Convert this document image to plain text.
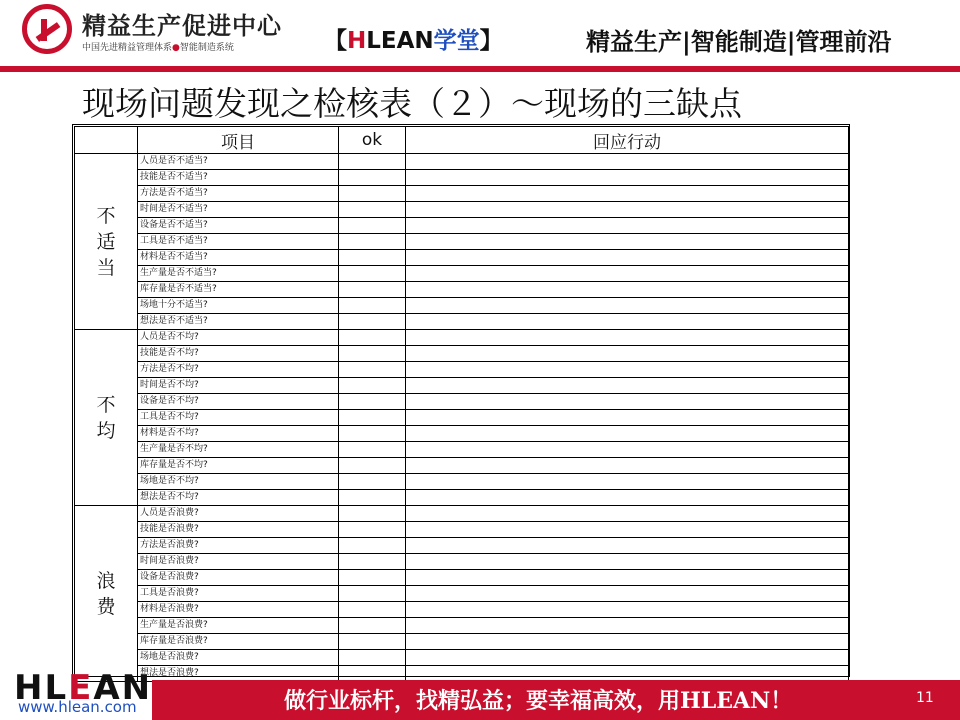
精益生产促进中心
中国先进精益管理体系●智能制造系统	【HLEAN学堂】	精益生产|智能制造|管理前沿
现场问题发现之检核表（２）～现场的三缺点
	项目	ok	回应行动

不
适
当	人员是否不适当?		
	技能是否不适当?		
	方法是否不适当?		
	时间是否不适当?		
	设备是否不适当?		
	工具是否不适当?		
	材料是否不适当?		
	生产量是否不适当?		
	库存量是否不适当?		
	场地十分不适当?		
	想法是否不适当?		

不
均	人员是否不均?		
	技能是否不均?		
	方法是否不均?		
	时间是否不均?		
	设备是否不均?		
	工具是否不均?		
	材料是否不均?		
	生产量是否不均?		
	库存量是否不均?		
	场地是否不均?		
	想法是否不均?		

浪
费	人员是否浪费?		
	技能是否浪费?		
	方法是否浪费?		
	时间是否浪费?		
	设备是否浪费?		
	工具是否浪费?		
	材料是否浪费?		
	生产量是否浪费?		
	库存量是否浪费?		
	场地是否浪费?		
	想法是否浪费?		
做行业标杆，找精弘益；要幸福高效，用HLEAN！	11
HLEAN
www.hlean.com
